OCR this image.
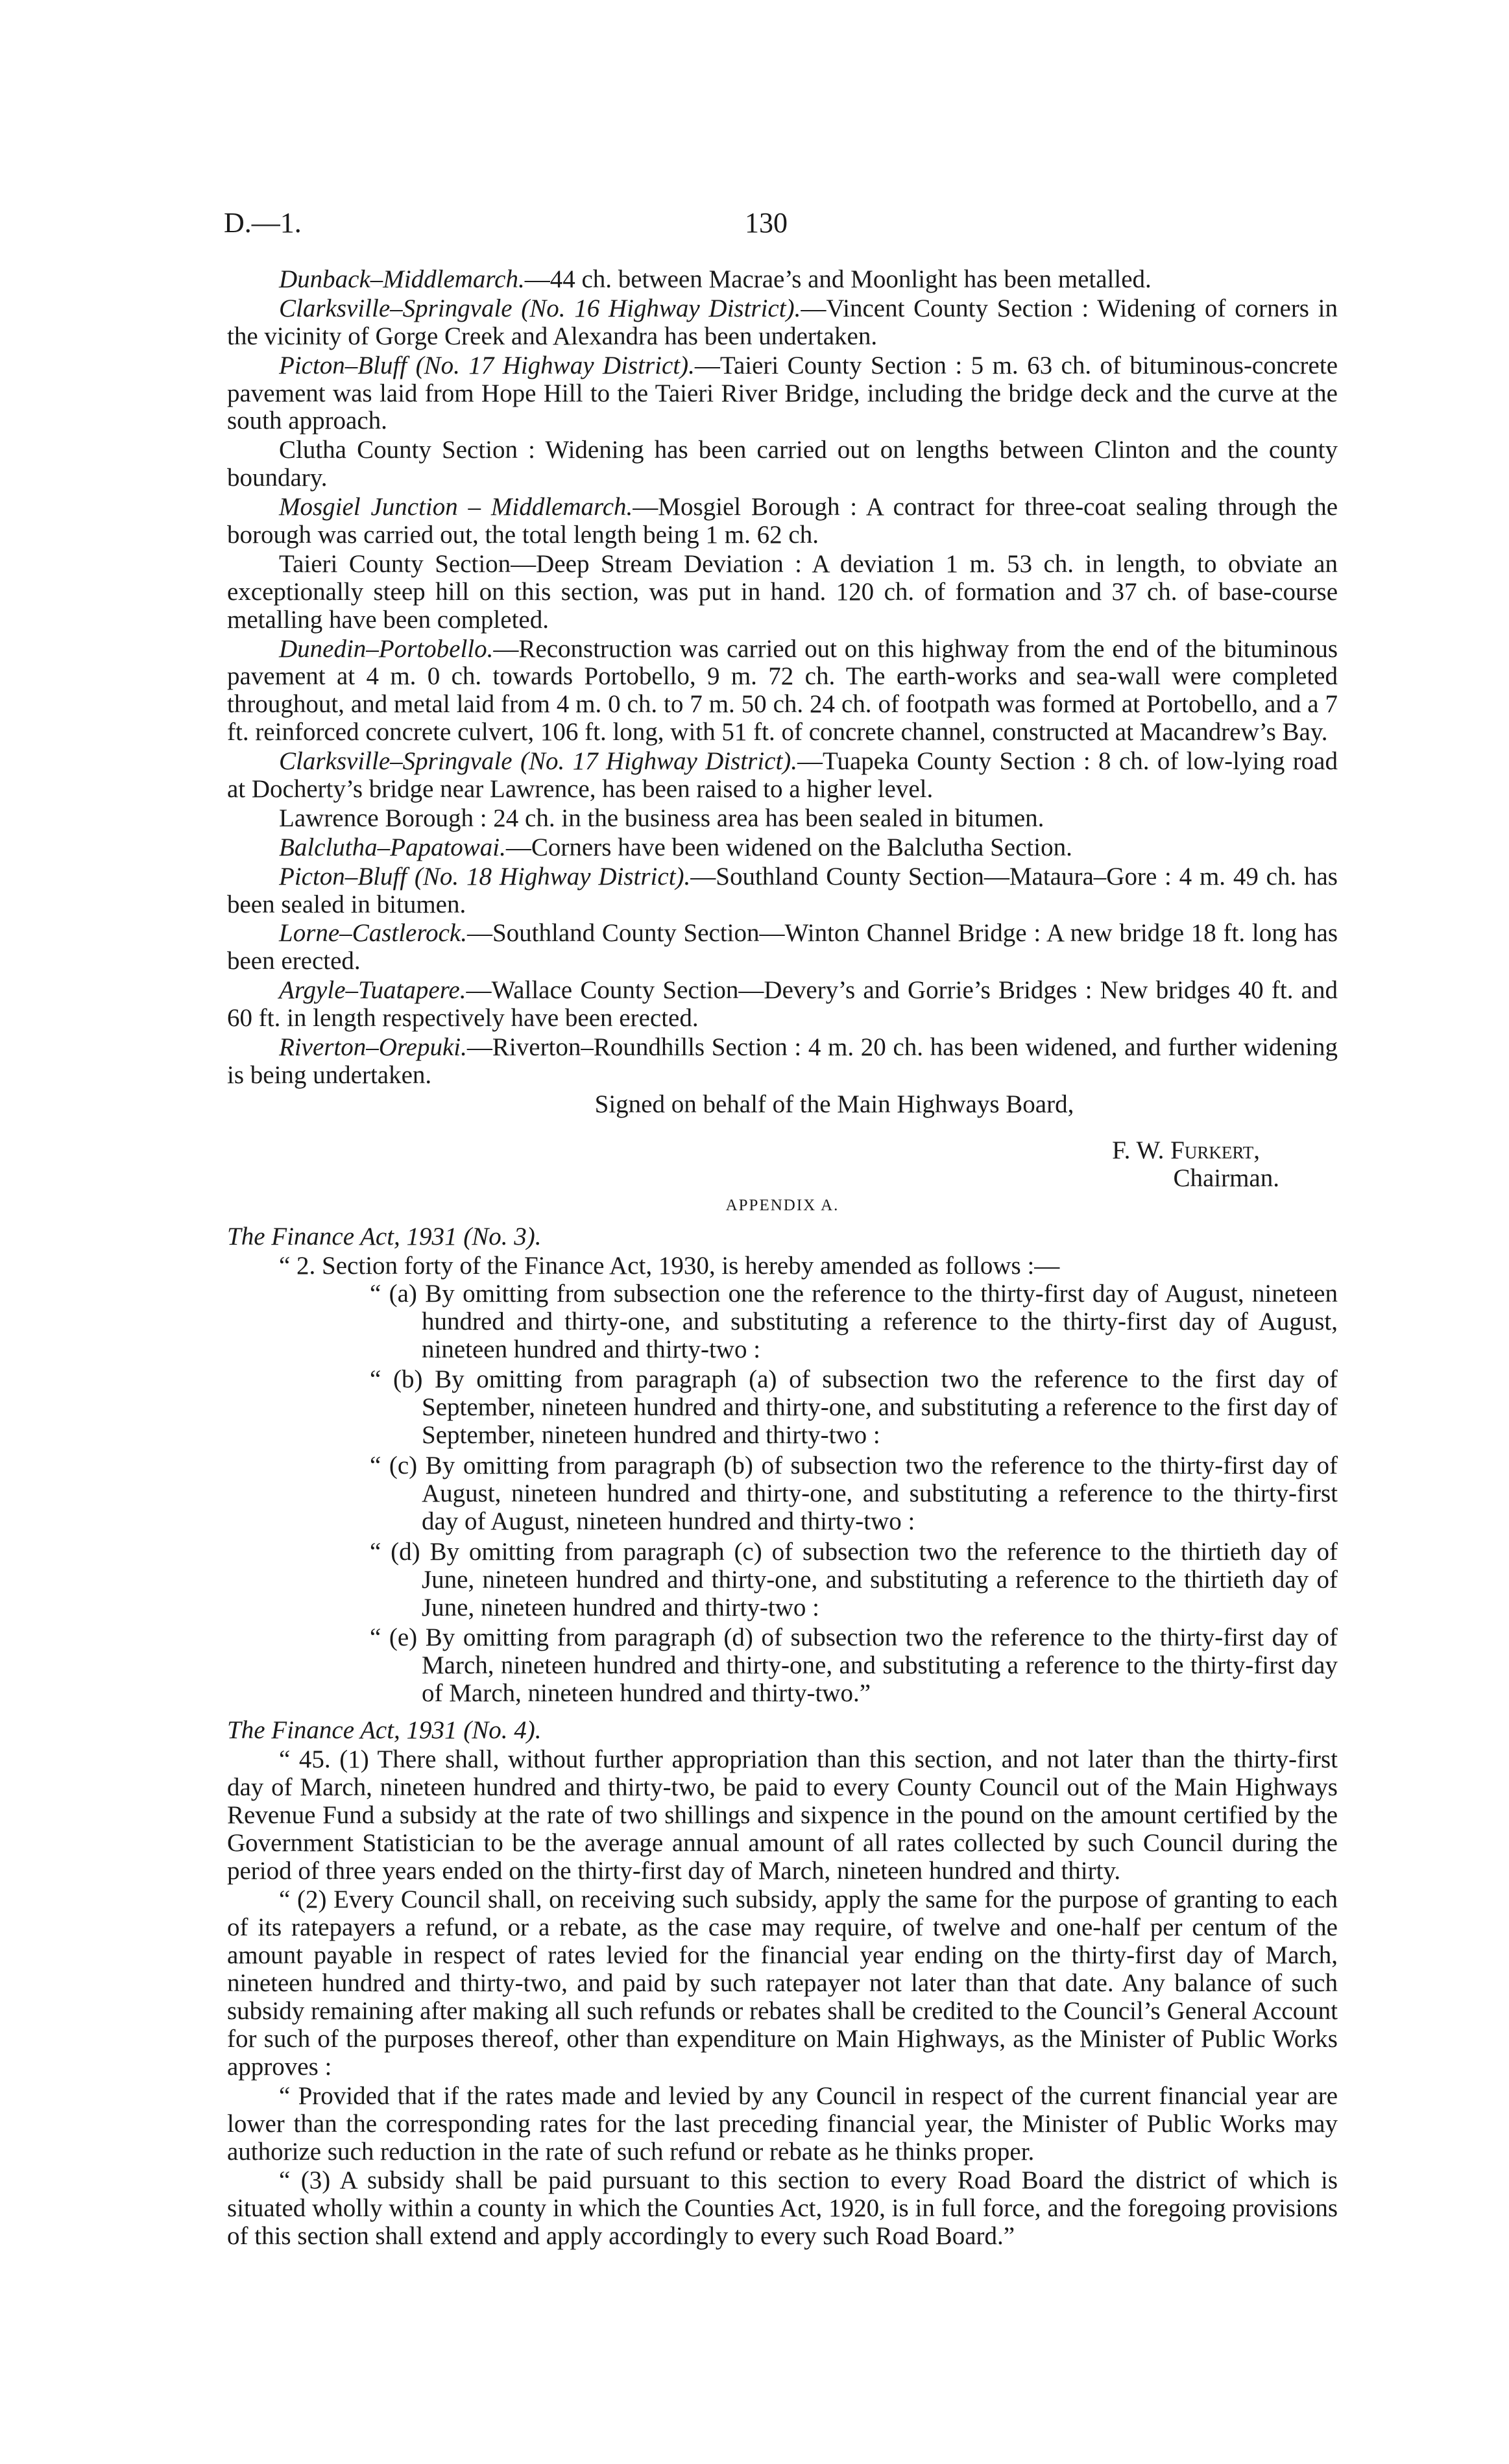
D.—1.	130

Dunback–Middlemarch.—44 ch. between Macrae’s and Moonlight has been metalled.

Clarksville–Springvale (No. 16 Highway District).—Vincent County Section : Widening of corners in the vicinity of Gorge Creek and Alexandra has been undertaken.

Picton–Bluff (No. 17 Highway District).—Taieri County Section : 5 m. 63 ch. of bituminous-concrete pavement was laid from Hope Hill to the Taieri River Bridge, including the bridge deck and the curve at the south approach.

Clutha County Section : Widening has been carried out on lengths between Clinton and the county boundary.

Mosgiel Junction – Middlemarch.—Mosgiel Borough : A contract for three-coat sealing through the borough was carried out, the total length being 1 m. 62 ch.

Taieri County Section—Deep Stream Deviation : A deviation 1 m. 53 ch. in length, to obviate an exceptionally steep hill on this section, was put in hand. 120 ch. of formation and 37 ch. of base-course metalling have been completed.

Dunedin–Portobello.—Reconstruction was carried out on this highway from the end of the bituminous pavement at 4 m. 0 ch. towards Portobello, 9 m. 72 ch. The earth-works and sea-wall were completed throughout, and metal laid from 4 m. 0 ch. to 7 m. 50 ch. 24 ch. of footpath was formed at Portobello, and a 7 ft. reinforced concrete culvert, 106 ft. long, with 51 ft. of concrete channel, constructed at Macandrew’s Bay.

Clarksville–Springvale (No. 17 Highway District).—Tuapeka County Section : 8 ch. of low-lying road at Docherty’s bridge near Lawrence, has been raised to a higher level.

Lawrence Borough : 24 ch. in the business area has been sealed in bitumen.

Balclutha–Papatowai.—Corners have been widened on the Balclutha Section.

Picton–Bluff (No. 18 Highway District).—Southland County Section—Mataura–Gore : 4 m. 49 ch. has been sealed in bitumen.

Lorne–Castlerock.—Southland County Section—Winton Channel Bridge : A new bridge 18 ft. long has been erected.

Argyle–Tuatapere.—Wallace County Section—Devery’s and Gorrie’s Bridges : New bridges 40 ft. and 60 ft. in length respectively have been erected.

Riverton–Orepuki.—Riverton–Roundhills Section : 4 m. 20 ch. has been widened, and further widening is being undertaken.

Signed on behalf of the Main Highways Board,

F. W. Furkert,
Chairman.
APPENDIX A.
The Finance Act, 1931 (No. 3).

“ 2. Section forty of the Finance Act, 1930, is hereby amended as follows :—

“ (a) By omitting from subsection one the reference to the thirty-first day of August, nineteen hundred and thirty-one, and substituting a reference to the thirty-first day of August, nineteen hundred and thirty-two :

“ (b) By omitting from paragraph (a) of subsection two the reference to the first day of September, nineteen hundred and thirty-one, and substituting a reference to the first day of September, nineteen hundred and thirty-two :

“ (c) By omitting from paragraph (b) of subsection two the reference to the thirty-first day of August, nineteen hundred and thirty-one, and substituting a reference to the thirty-first day of August, nineteen hundred and thirty-two :

“ (d) By omitting from paragraph (c) of subsection two the reference to the thirtieth day of June, nineteen hundred and thirty-one, and substituting a reference to the thirtieth day of June, nineteen hundred and thirty-two :

“ (e) By omitting from paragraph (d) of subsection two the reference to the thirty-first day of March, nineteen hundred and thirty-one, and substituting a reference to the thirty-first day of March, nineteen hundred and thirty-two.”

The Finance Act, 1931 (No. 4).

“ 45. (1) There shall, without further appropriation than this section, and not later than the thirty-first day of March, nineteen hundred and thirty-two, be paid to every County Council out of the Main Highways Revenue Fund a subsidy at the rate of two shillings and sixpence in the pound on the amount certified by the Government Statistician to be the average annual amount of all rates collected by such Council during the period of three years ended on the thirty-first day of March, nineteen hundred and thirty.

“ (2) Every Council shall, on receiving such subsidy, apply the same for the purpose of granting to each of its ratepayers a refund, or a rebate, as the case may require, of twelve and one-half per centum of the amount payable in respect of rates levied for the financial year ending on the thirty-first day of March, nineteen hundred and thirty-two, and paid by such ratepayer not later than that date. Any balance of such subsidy remaining after making all such refunds or rebates shall be credited to the Council’s General Account for such of the purposes thereof, other than expenditure on Main Highways, as the Minister of Public Works approves :

“ Provided that if the rates made and levied by any Council in respect of the current financial year are lower than the corresponding rates for the last preceding financial year, the Minister of Public Works may authorize such reduction in the rate of such refund or rebate as he thinks proper.

“ (3) A subsidy shall be paid pursuant to this section to every Road Board the district of which is situated wholly within a county in which the Counties Act, 1920, is in full force, and the foregoing provisions of this section shall extend and apply accordingly to every such Road Board.”
